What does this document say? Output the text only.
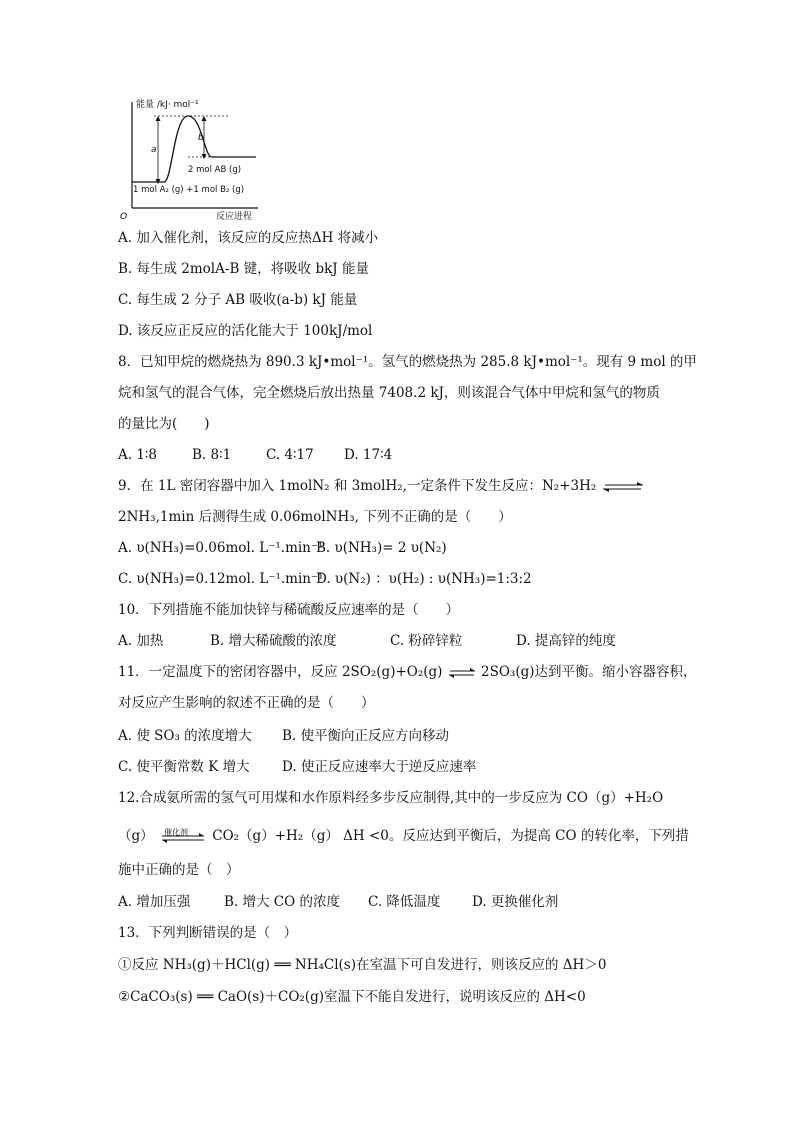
能量 /kJ· mol⁻¹
a
b
2 mol AB (g)
1 mol A₂ (g) +1 mol B₂ (g)
O	反应进程
A. 加入催化剂，该反应的反应热ΔH 将减小
B. 每生成 2molA-B 键，将吸收 bkJ 能量
C. 每生成 2 分子 AB 吸收(a-b) kJ 能量
D. 该反应正反应的活化能大于 100kJ/mol
8．已知甲烷的燃烧热为 890.3 kJ•mol⁻¹。氢气的燃烧热为 285.8 kJ•mol⁻¹。现有 9 mol 的甲
烷和氢气的混合气体，完全燃烧后放出热量 7408.2 kJ，则该混合气体中甲烷和氢气的物质
的量比为(　　)
A. 1∶8	B. 8∶1	C. 4∶17 D. 17∶4
9．在 1L 密闭容器中加入 1molN₂ 和 3molH₂,一定条件下发生反应：N₂+3H₂ ⇌
2NH₃,1min 后测得生成 0.06molNH₃, 下列不正确的是（　　）
A. υ(NH₃)=0.06mol. L⁻¹.min⁻¹B. υ(NH₃)= 2 υ(N₂)
C. υ(NH₃)=0.12mol. L⁻¹.min⁻¹D. υ(N₂) ：υ(H₂) : υ(NH₃)=1:3:2
10．下列措施不能加快锌与稀硫酸反应速率的是（　　）
A. 加热	B. 增大稀硫酸的浓度	C. 粉碎锌粒	D. 提高锌的纯度
11．一定温度下的密闭容器中，反应 2SO₂(g)+O₂(g) ⇌ 2SO₃(g)达到平衡。缩小容器容积，
对反应产生影响的叙述不正确的是（　　）
A. 使 SO₃ 的浓度增大 B. 使平衡向正反应方向移动
C. 使平衡常数 K 增大 D. 使正反应速率大于逆反应速率
12.合成氨所需的氢气可用煤和水作原料经多步反应制得,其中的一步反应为 CO（g）+H₂O
（g） 催化剂 CO₂（g）+H₂（g） ΔH <0。反应达到平衡后，为提高 CO 的转化率，下列措
施中正确的是（　）
A. 增加压强 B. 增大 CO 的浓度 C. 降低温度 D. 更换催化剂
13．下列判断错误的是（　）
①反应 NH₃(g)＋HCl(g) ══ NH₄Cl(s)在室温下可自发进行，则该反应的 ΔH＞0
②CaCO₃(s) ══ CaO(s)＋CO₂(g)室温下不能自发进行，说明该反应的 ΔH<0
